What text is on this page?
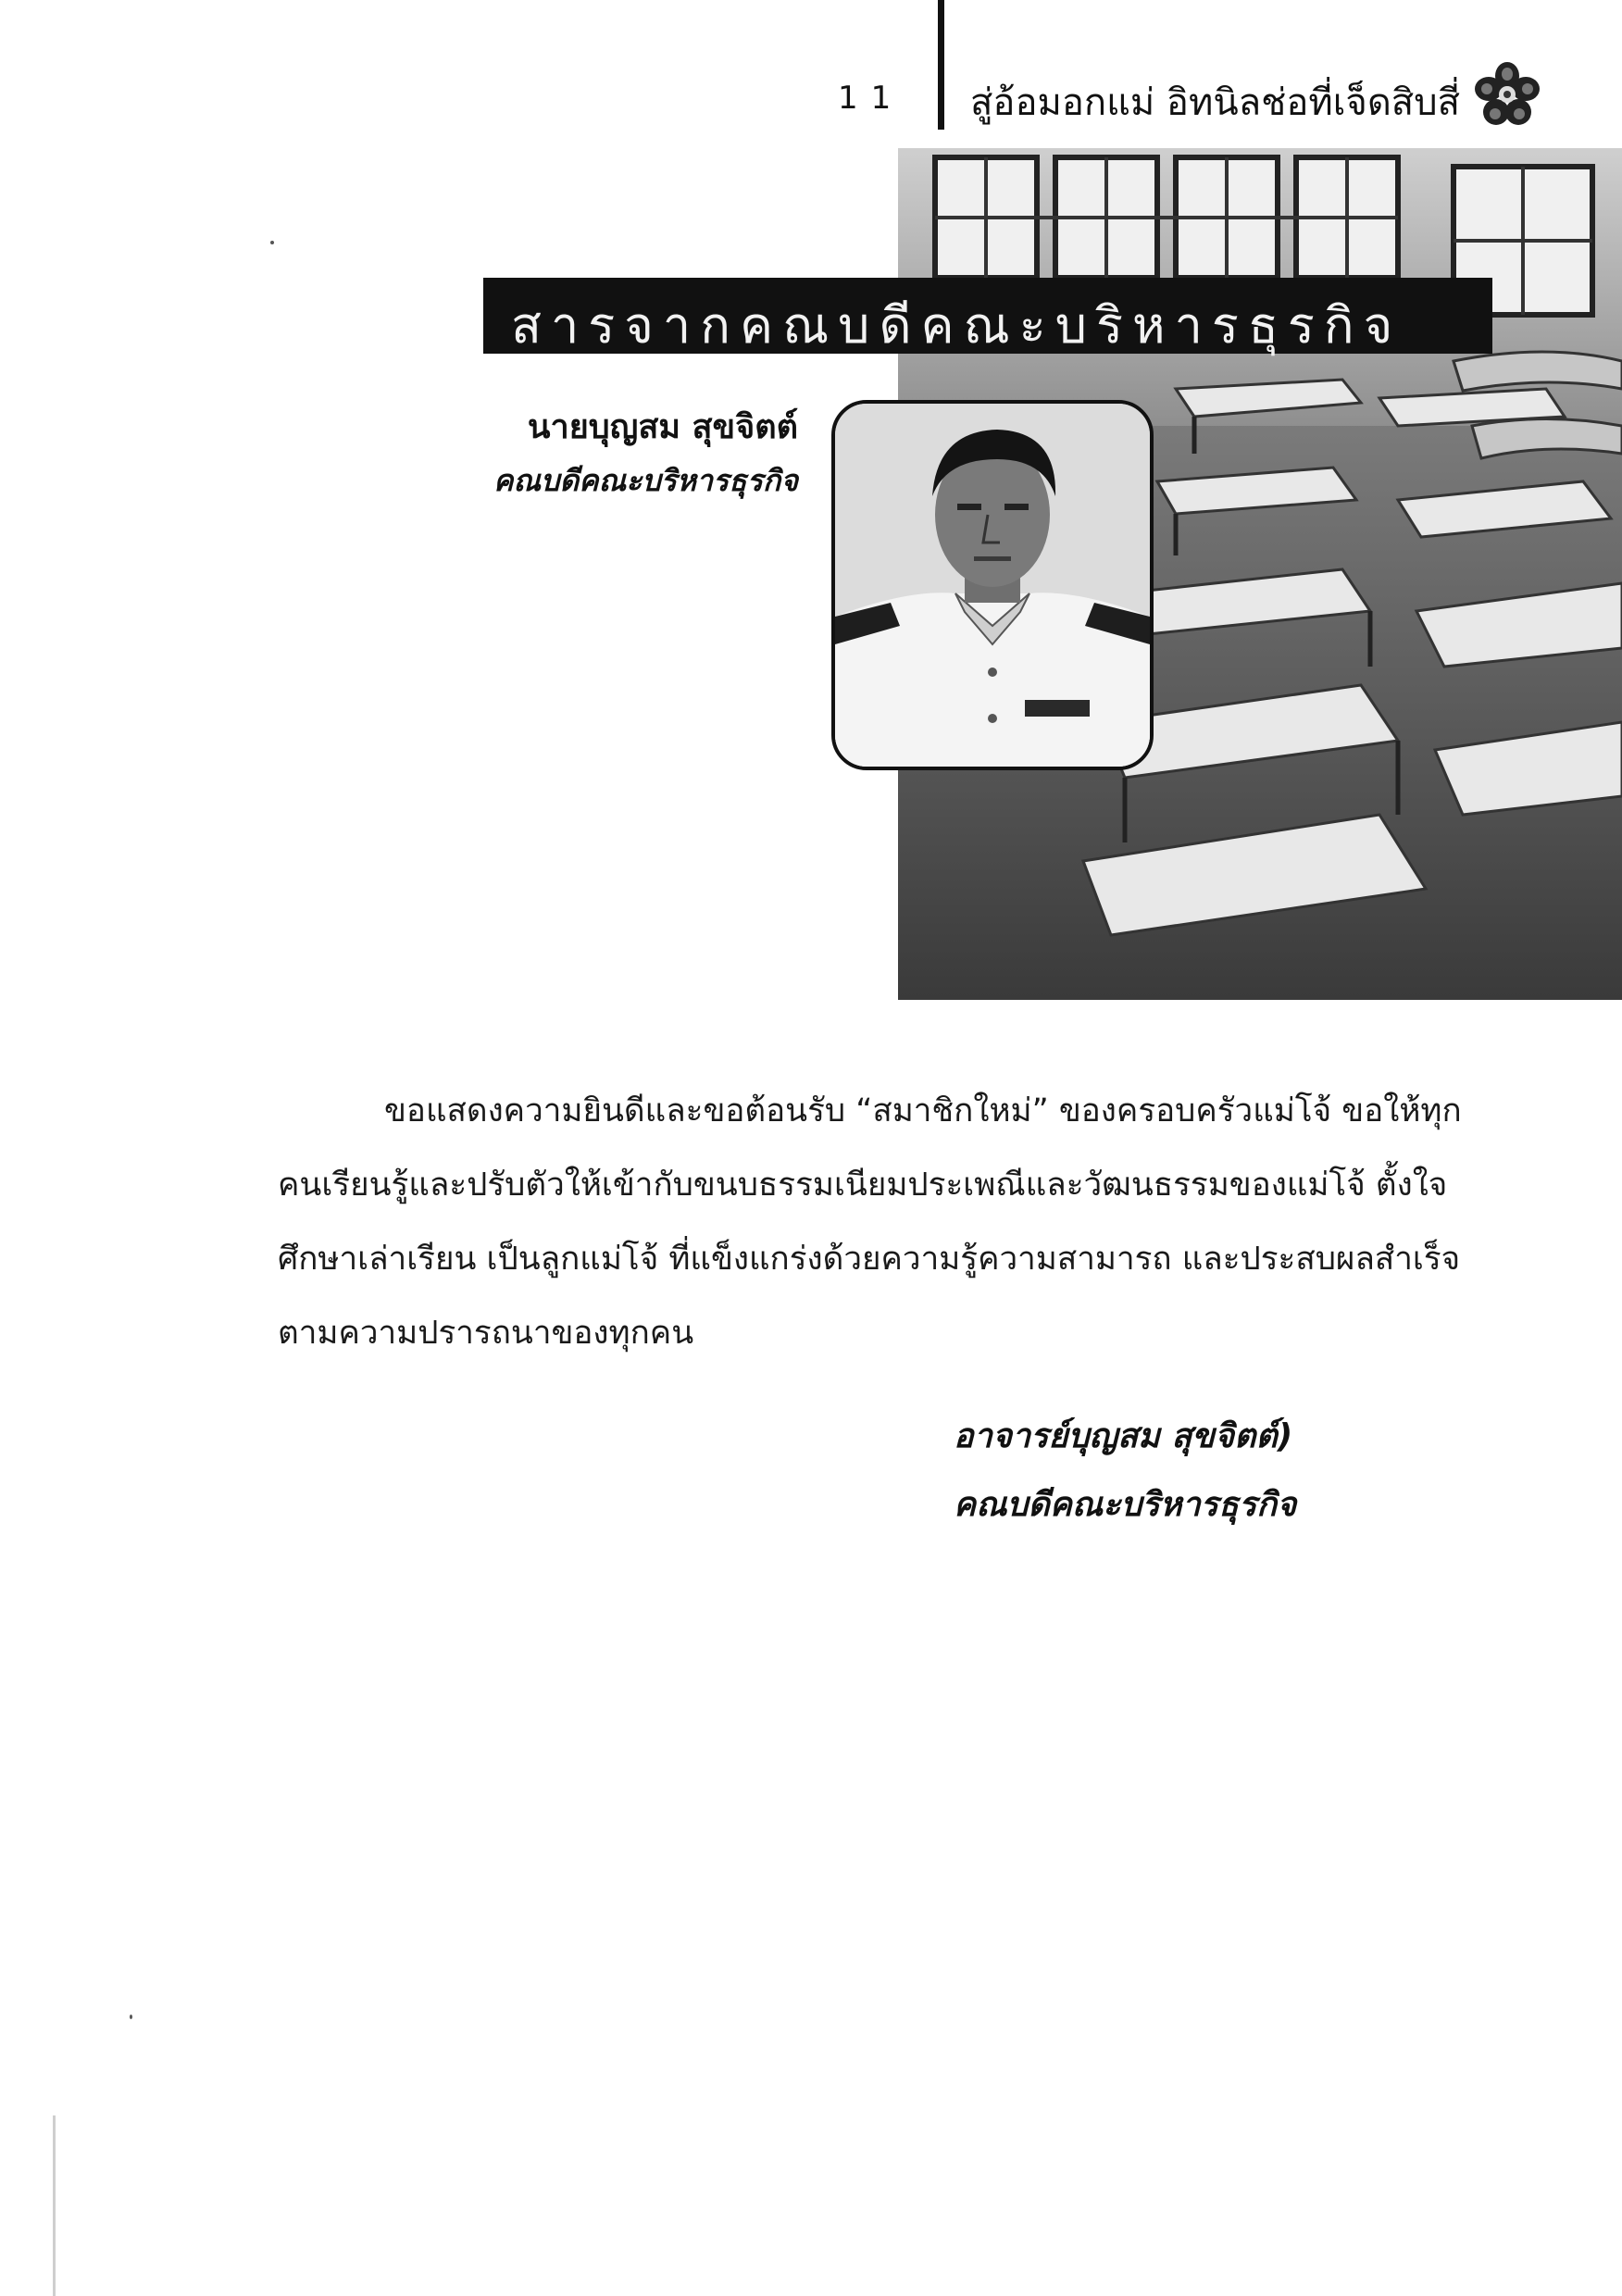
11 สู่อ้อมอกแม่ อิทนิลช่อที่เจ็ดสิบสี่
สารจากคณบดีคณะบริหารธุรกิจ
นายบุญสม สุขจิตต์
คณบดีคณะบริหารธุรกิจ

ขอแสดงความยินดีและขอต้อนรับ “สมาชิกใหม่” ของครอบครัวแม่โจ้ ขอให้ทุกคนเรียนรู้และปรับตัวให้เข้ากับขนบธรรมเนียมประเพณีและวัฒนธรรมของแม่โจ้ ตั้งใจศึกษาเล่าเรียน เป็นลูกแม่โจ้ ที่แข็งแกร่งด้วยความรู้ความสามารถ และประสบผลสำเร็จตามความปรารถนาของทุกคน

อาจารย์บุญสม สุขจิตต์)
คณบดีคณะบริหารธุรกิจ
